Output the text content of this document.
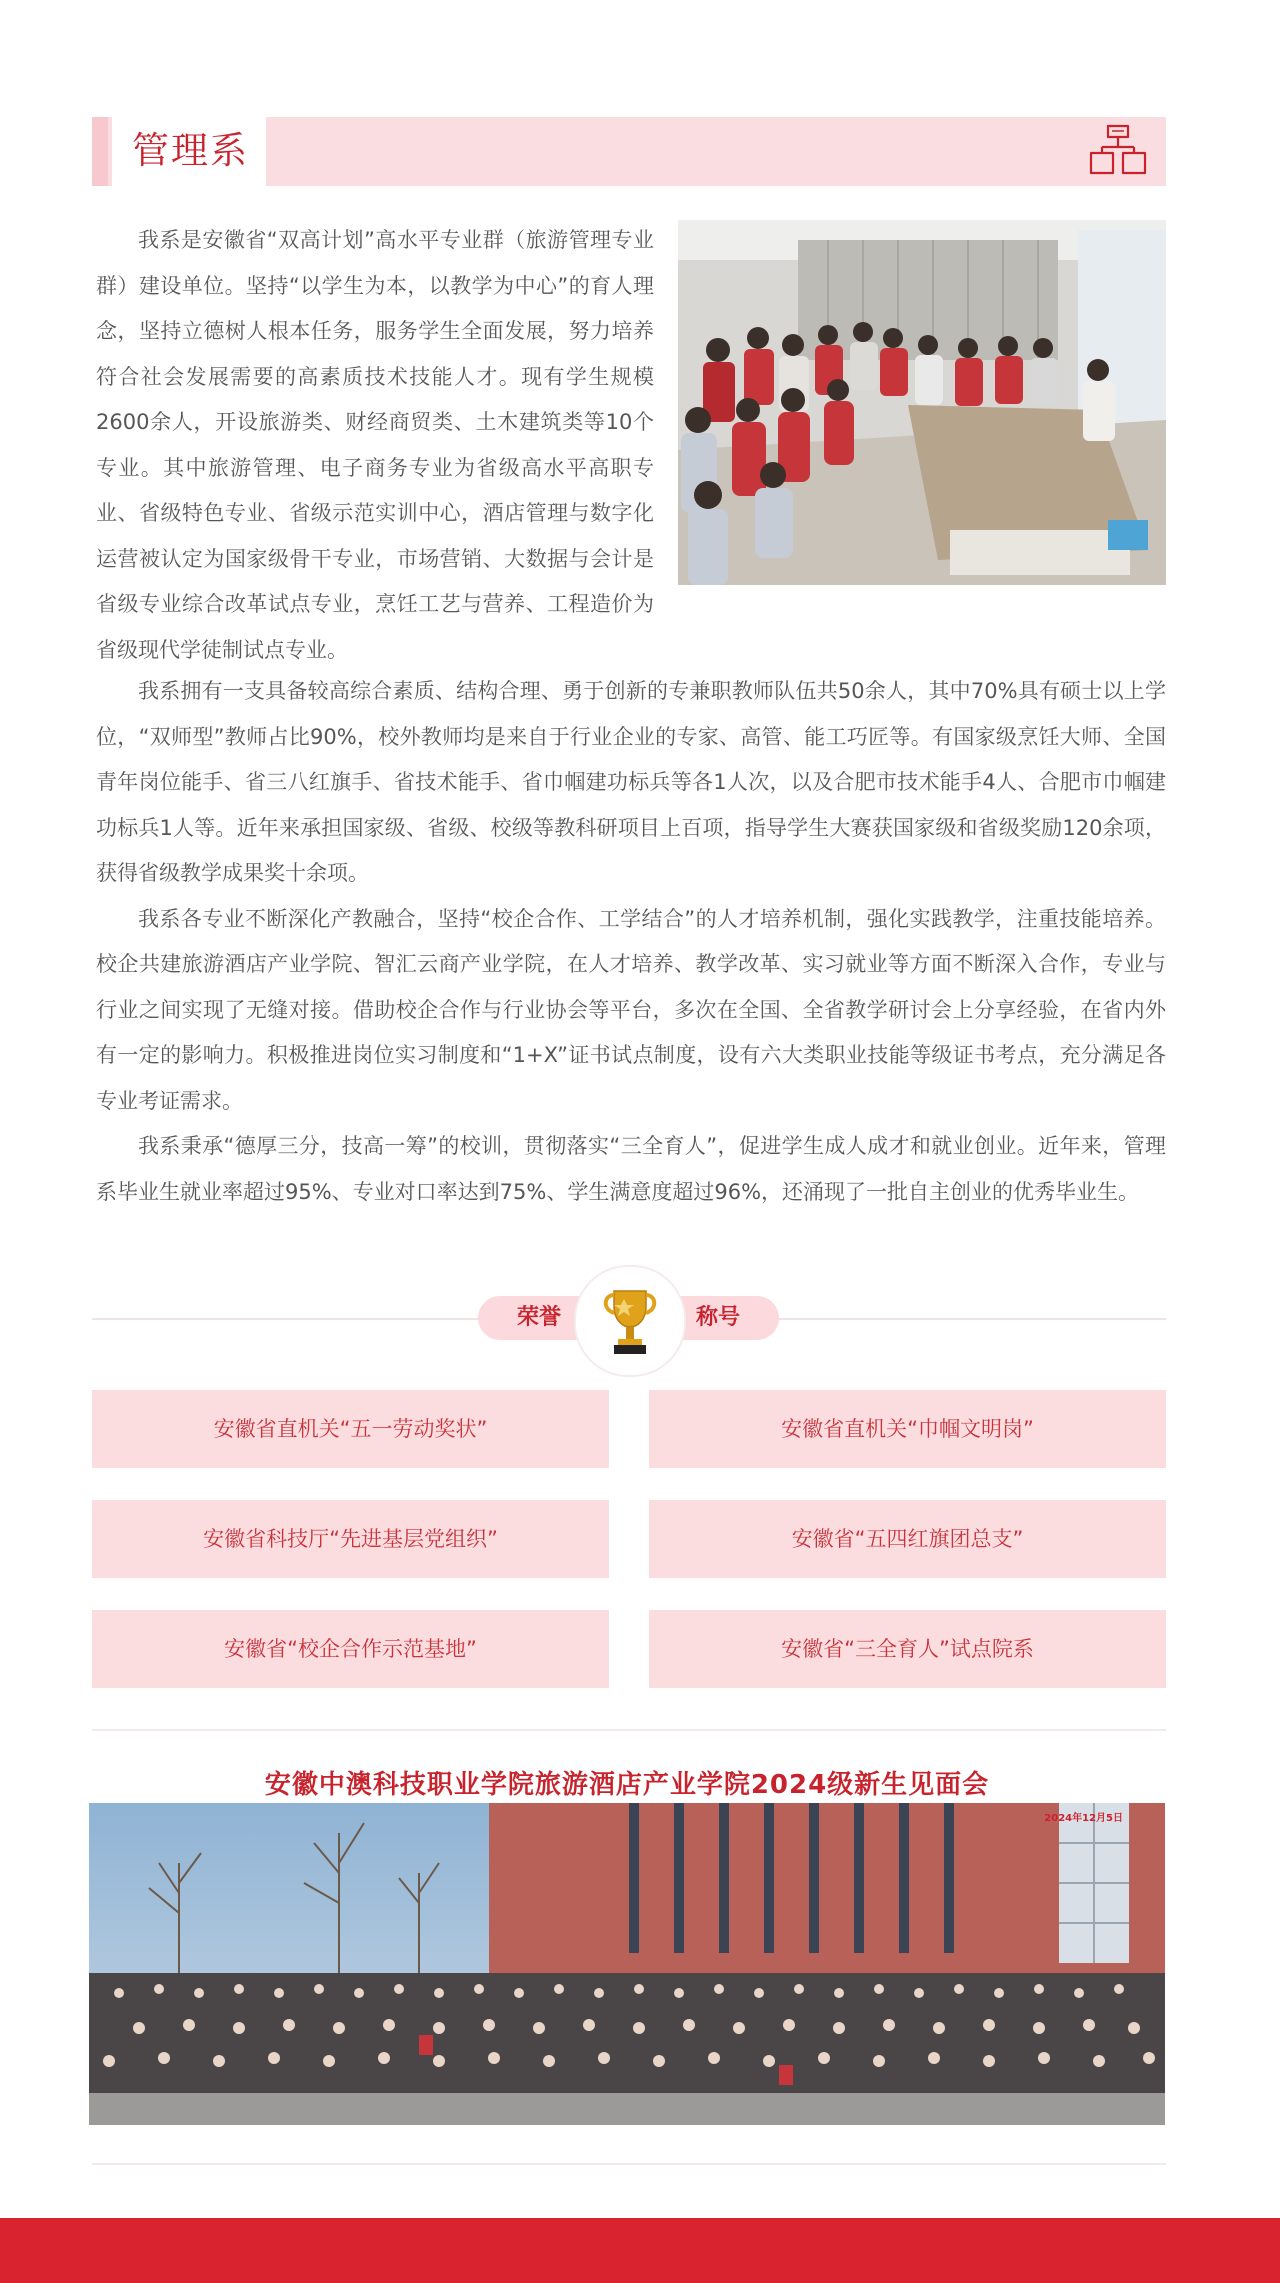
管理系

我系是安徽省“双高计划”高水平专业群（旅游管理专业群）建设单位。坚持“以学生为本，以教学为中心”的育人理念，坚持立德树人根本任务，服务学生全面发展，努力培养符合社会发展需要的高素质技术技能人才。现有学生规模2600余人，开设旅游类、财经商贸类、土木建筑类等10个专业。其中旅游管理、电子商务专业为省级高水平高职专业、省级特色专业、省级示范实训中心，酒店管理与数字化运营被认定为国家级骨干专业，市场营销、大数据与会计是省级专业综合改革试点专业，烹饪工艺与营养、工程造价为省级现代学徒制试点专业。

我系拥有一支具备较高综合素质、结构合理、勇于创新的专兼职教师队伍共50余人，其中70%具有硕士以上学位，“双师型”教师占比90%，校外教师均是来自于行业企业的专家、高管、能工巧匠等。有国家级烹饪大师、全国青年岗位能手、省三八红旗手、省技术能手、省巾帼建功标兵等各1人次，以及合肥市技术能手4人、合肥市巾帼建功标兵1人等。近年来承担国家级、省级、校级等教科研项目上百项，指导学生大赛获国家级和省级奖励120余项，获得省级教学成果奖十余项。

我系各专业不断深化产教融合，坚持“校企合作、工学结合”的人才培养机制，强化实践教学，注重技能培养。校企共建旅游酒店产业学院、智汇云商产业学院，在人才培养、教学改革、实习就业等方面不断深入合作，专业与行业之间实现了无缝对接。借助校企合作与行业协会等平台，多次在全国、全省教学研讨会上分享经验，在省内外有一定的影响力。积极推进岗位实习制度和“1+X”证书试点制度，设有六大类职业技能等级证书考点，充分满足各专业考证需求。

我系秉承“德厚三分，技高一筹”的校训，贯彻落实“三全育人”，促进学生成人成才和就业创业。近年来，管理系毕业生就业率超过95%、专业对口率达到75%、学生满意度超过96%，还涌现了一批自主创业的优秀毕业生。

荣誉	称号
安徽省直机关“五一劳动奖状”	安徽省直机关“巾帼文明岗”
安徽省科技厅“先进基层党组织”	安徽省“五四红旗团总支”
安徽省“校企合作示范基地”	安徽省“三全育人”试点院系
安徽中澳科技职业学院旅游酒店产业学院2024级新生见面会
2024年12月5日
